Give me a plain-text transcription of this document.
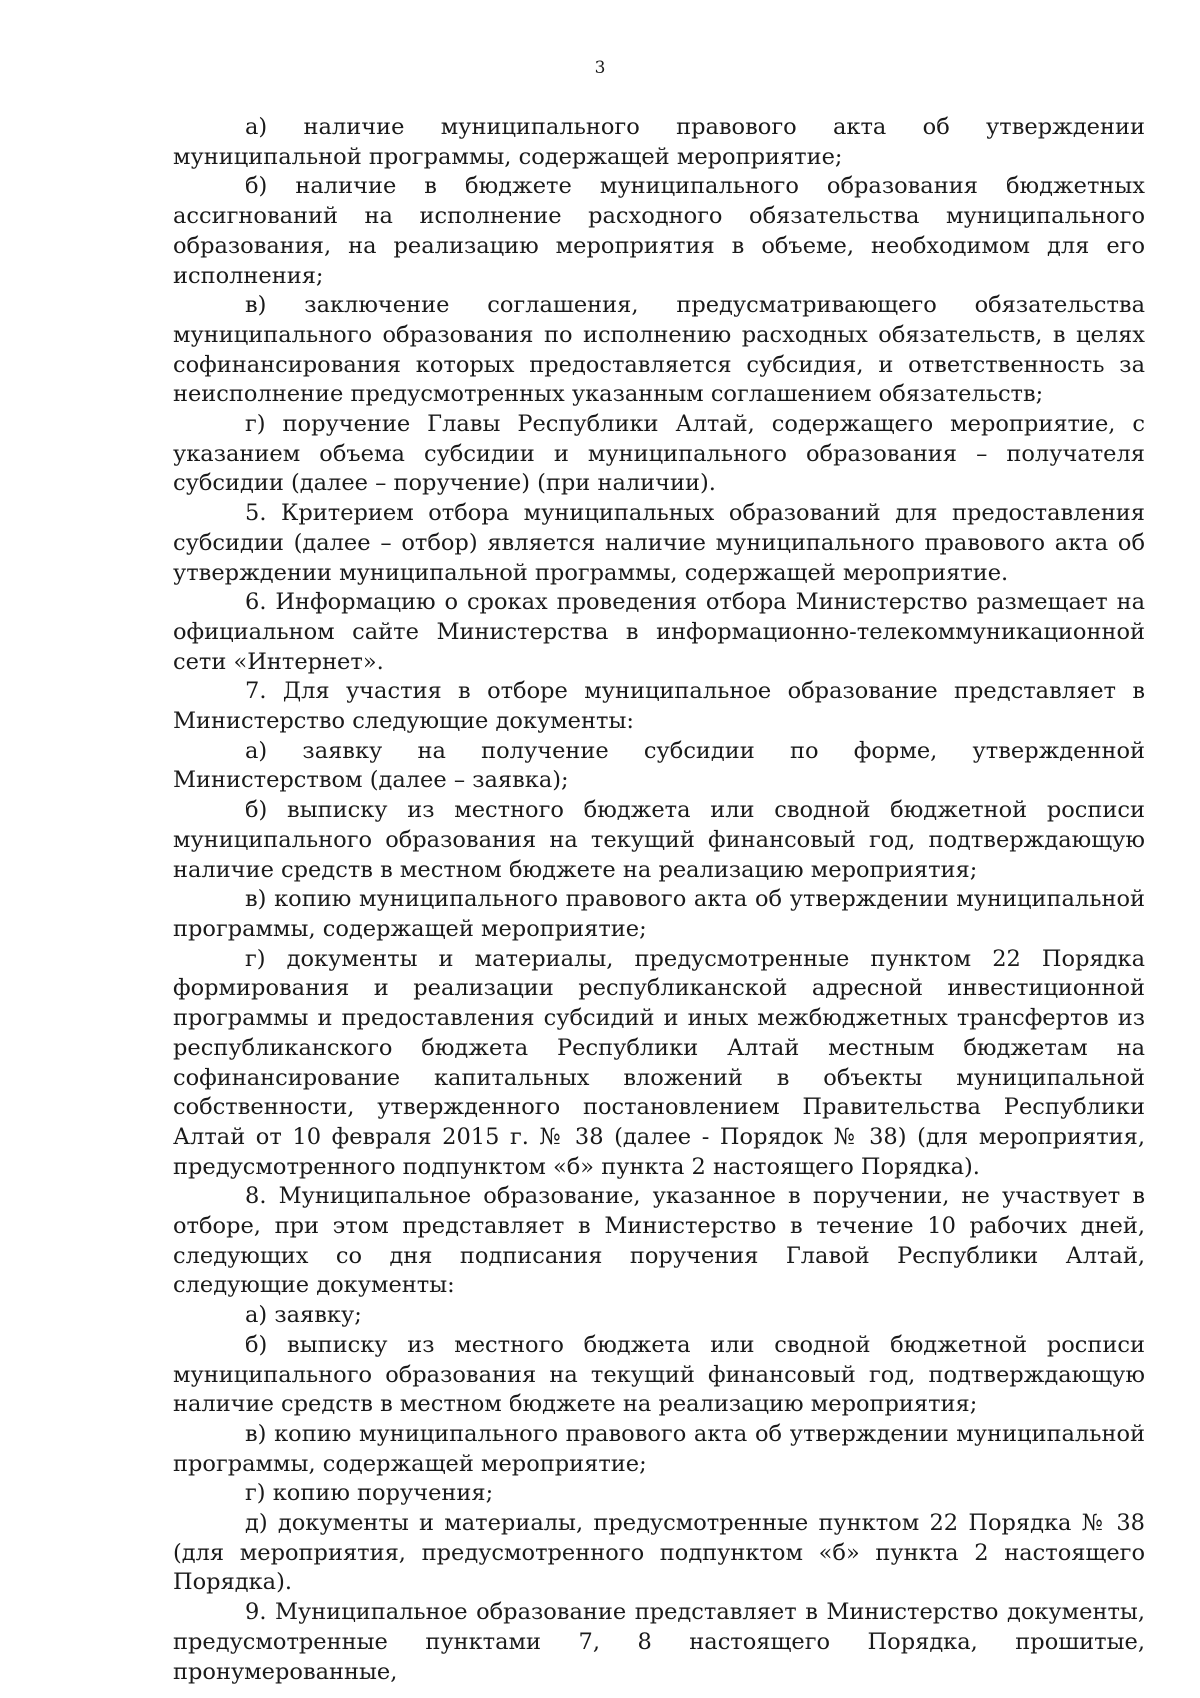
3

а) наличие муниципального правового акта об утверждении муниципальной программы, содержащей мероприятие;

б) наличие в бюджете муниципального образования бюджетных ассигнований на исполнение расходного обязательства муниципального образования, на реализацию мероприятия в объеме, необходимом для его исполнения;

в) заключение соглашения, предусматривающего обязательства муниципального образования по исполнению расходных обязательств, в целях софинансирования которых предоставляется субсидия, и ответственность за неисполнение предусмотренных указанным соглашением обязательств;

г) поручение Главы Республики Алтай, содержащего мероприятие, с указанием объема субсидии и муниципального образования – получателя субсидии (далее – поручение) (при наличии).

5. Критерием отбора муниципальных образований для предоставления субсидии (далее – отбор) является наличие муниципального правового акта об утверждении муниципальной программы, содержащей мероприятие.

6. Информацию о сроках проведения отбора Министерство размещает на официальном сайте Министерства в информационно-телекоммуникационной сети «Интернет».

7. Для участия в отборе муниципальное образование представляет в Министерство следующие документы:

а) заявку на получение субсидии по форме, утвержденной Министерством (далее – заявка);

б) выписку из местного бюджета или сводной бюджетной росписи муниципального образования на текущий финансовый год, подтверждающую наличие средств в местном бюджете на реализацию мероприятия;

в) копию муниципального правового акта об утверждении муниципальной программы, содержащей мероприятие;

г) документы и материалы, предусмотренные пунктом 22 Порядка формирования и реализации республиканской адресной инвестиционной программы и предоставления субсидий и иных межбюджетных трансфертов из республиканского бюджета Республики Алтай местным бюджетам на софинансирование капитальных вложений в объекты муниципальной собственности, утвержденного постановлением Правительства Республики Алтай от 10 февраля 2015 г. № 38 (далее - Порядок № 38) (для мероприятия, предусмотренного подпунктом «б» пункта 2 настоящего Порядка).

8. Муниципальное образование, указанное в поручении, не участвует в отборе, при этом представляет в Министерство в течение 10 рабочих дней, следующих со дня подписания поручения Главой Республики Алтай, следующие документы:

а) заявку;

б) выписку из местного бюджета или сводной бюджетной росписи муниципального образования на текущий финансовый год, подтверждающую наличие средств в местном бюджете на реализацию мероприятия;

в) копию муниципального правового акта об утверждении муниципальной программы, содержащей мероприятие;

г) копию поручения;

д) документы и материалы, предусмотренные пунктом 22 Порядка № 38 (для мероприятия, предусмотренного подпунктом «б» пункта 2 настоящего Порядка).

9. Муниципальное образование представляет в Министерство документы, предусмотренные пунктами 7, 8 настоящего Порядка, прошитые, пронумерованные,
